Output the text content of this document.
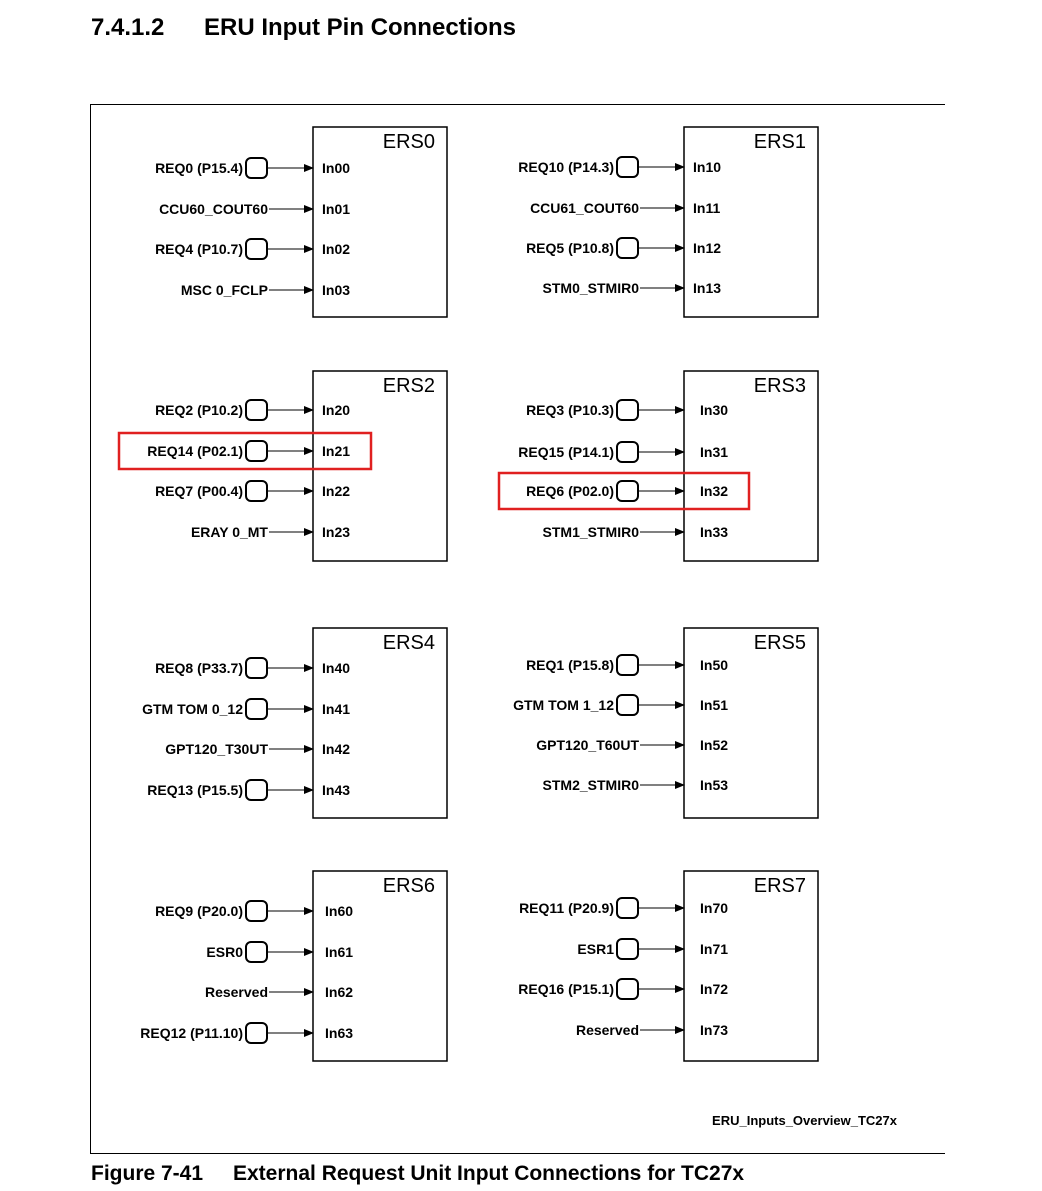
7.4.1.2 ERU Input Pin Connections
ERS0
REQ0 (P15.4)	In00
CCU60_COUT60	In01
REQ4 (P10.7)	In02
MSC 0_FCLP	In03
ERS1
REQ10 (P14.3)	In10
CCU61_COUT60	In11
REQ5 (P10.8)	In12
STM0_STMIR0	In13
ERS2
REQ2 (P10.2)	In20
REQ14 (P02.1)	In21
REQ7 (P00.4)	In22
ERAY 0_MT	In23
ERS3
REQ3 (P10.3)	In30
REQ15 (P14.1)	In31
REQ6 (P02.0)	In32
STM1_STMIR0	In33
ERS4
REQ8 (P33.7)	In40
GTM TOM 0_12	In41
GPT120_T30UT	In42
REQ13 (P15.5)	In43
ERS5
REQ1 (P15.8)	In50
GTM TOM 1_12	In51
GPT120_T60UT	In52
STM2_STMIR0	In53
ERS6
REQ9 (P20.0)	In60
ESR0	In61
Reserved	In62
REQ12 (P11.10)	In63
ERS7
REQ11 (P20.9)	In70
ESR1	In71
REQ16 (P15.1)	In72
Reserved	In73
ERU_Inputs_Overview_TC27x
Figure 7-41 External Request Unit Input Connections for TC27x
